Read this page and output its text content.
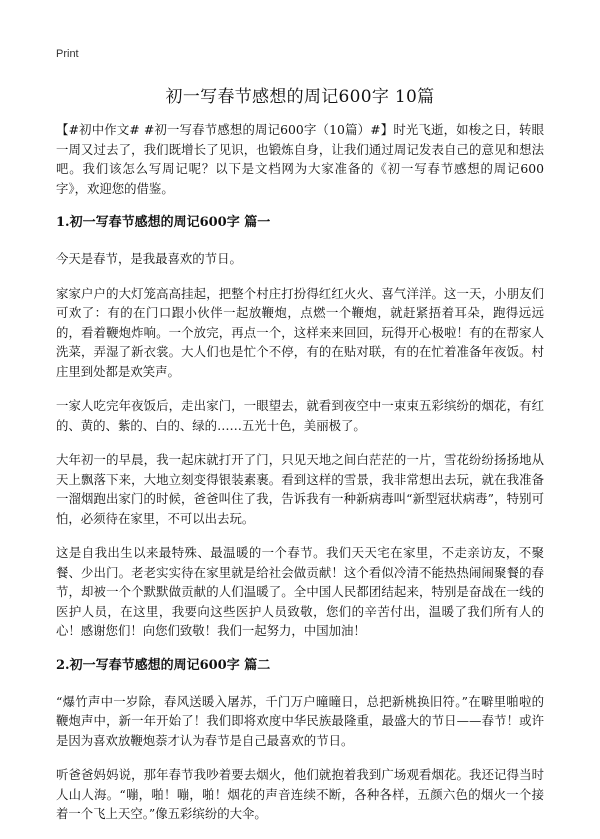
Print
初一写春节感想的周记600字 10篇

【#初中作文# #初一写春节感想的周记600字（10篇）#】时光飞逝，如梭之日，转眼一周又过去了，我们既增长了见识，也锻炼自身，让我们通过周记发表自己的意见和想法吧。我们该怎么写周记呢？以下是文档网为大家准备的《初一写春节感想的周记600字》，欢迎您的借鉴。

1.初一写春节感想的周记600字 篇一

今天是春节，是我最喜欢的节日。

家家户户的大灯笼高高挂起，把整个村庄打扮得红红火火、喜气洋洋。这一天，小朋友们可欢了：有的在门口跟小伙伴一起放鞭炮，点燃一个鞭炮，就赶紧捂着耳朵，跑得远远的，看着鞭炮炸响。一个放完，再点一个，这样来来回回，玩得开心极啦！有的在帮家人洗菜，弄湿了新衣裳。大人们也是忙个不停，有的在贴对联，有的在忙着准备年夜饭。村庄里到处都是欢笑声。

一家人吃完年夜饭后，走出家门，一眼望去，就看到夜空中一束束五彩缤纷的烟花，有红的、黄的、紫的、白的、绿的……五光十色，美丽极了。

大年初一的早晨，我一起床就打开了门，只见天地之间白茫茫的一片，雪花纷纷扬扬地从天上飘落下来，大地立刻变得银装素裹。看到这样的雪景，我非常想出去玩，就在我准备一溜烟跑出家门的时候，爸爸叫住了我，告诉我有一种新病毒叫“新型冠状病毒”，特别可怕，必须待在家里，不可以出去玩。

这是自我出生以来最特殊、最温暖的一个春节。我们天天宅在家里，不走亲访友，不聚餐、少出门。老老实实待在家里就是给社会做贡献！这个看似冷清不能热热闹闹聚餐的春节，却被一个个默默做贡献的人们温暖了。全中国人民都团结起来，特别是奋战在一线的医护人员，在这里，我要向这些医护人员致敬，您们的辛苦付出，温暖了我们所有人的心！感谢您们！向您们致敬！我们一起努力，中国加油！

2.初一写春节感想的周记600字 篇二

“爆竹声中一岁除，春风送暖入屠苏，千门万户曈曈日，总把新桃换旧符。”在噼里啪啦的鞭炮声中，新一年开始了！我们即将欢度中华民族最隆重，最盛大的节日——春节！或许是因为喜欢放鞭炮萘才认为春节是自己最喜欢的节日。

听爸爸妈妈说，那年春节我吵着要去烟火，他们就抱着我到广场观看烟花。我还记得当时人山人海。“嘣，啪！嘣，啪！烟花的声音连续不断，各种各样，五颜六色的烟火一个接着一个飞上天空。”像五彩缤纷的大伞。
